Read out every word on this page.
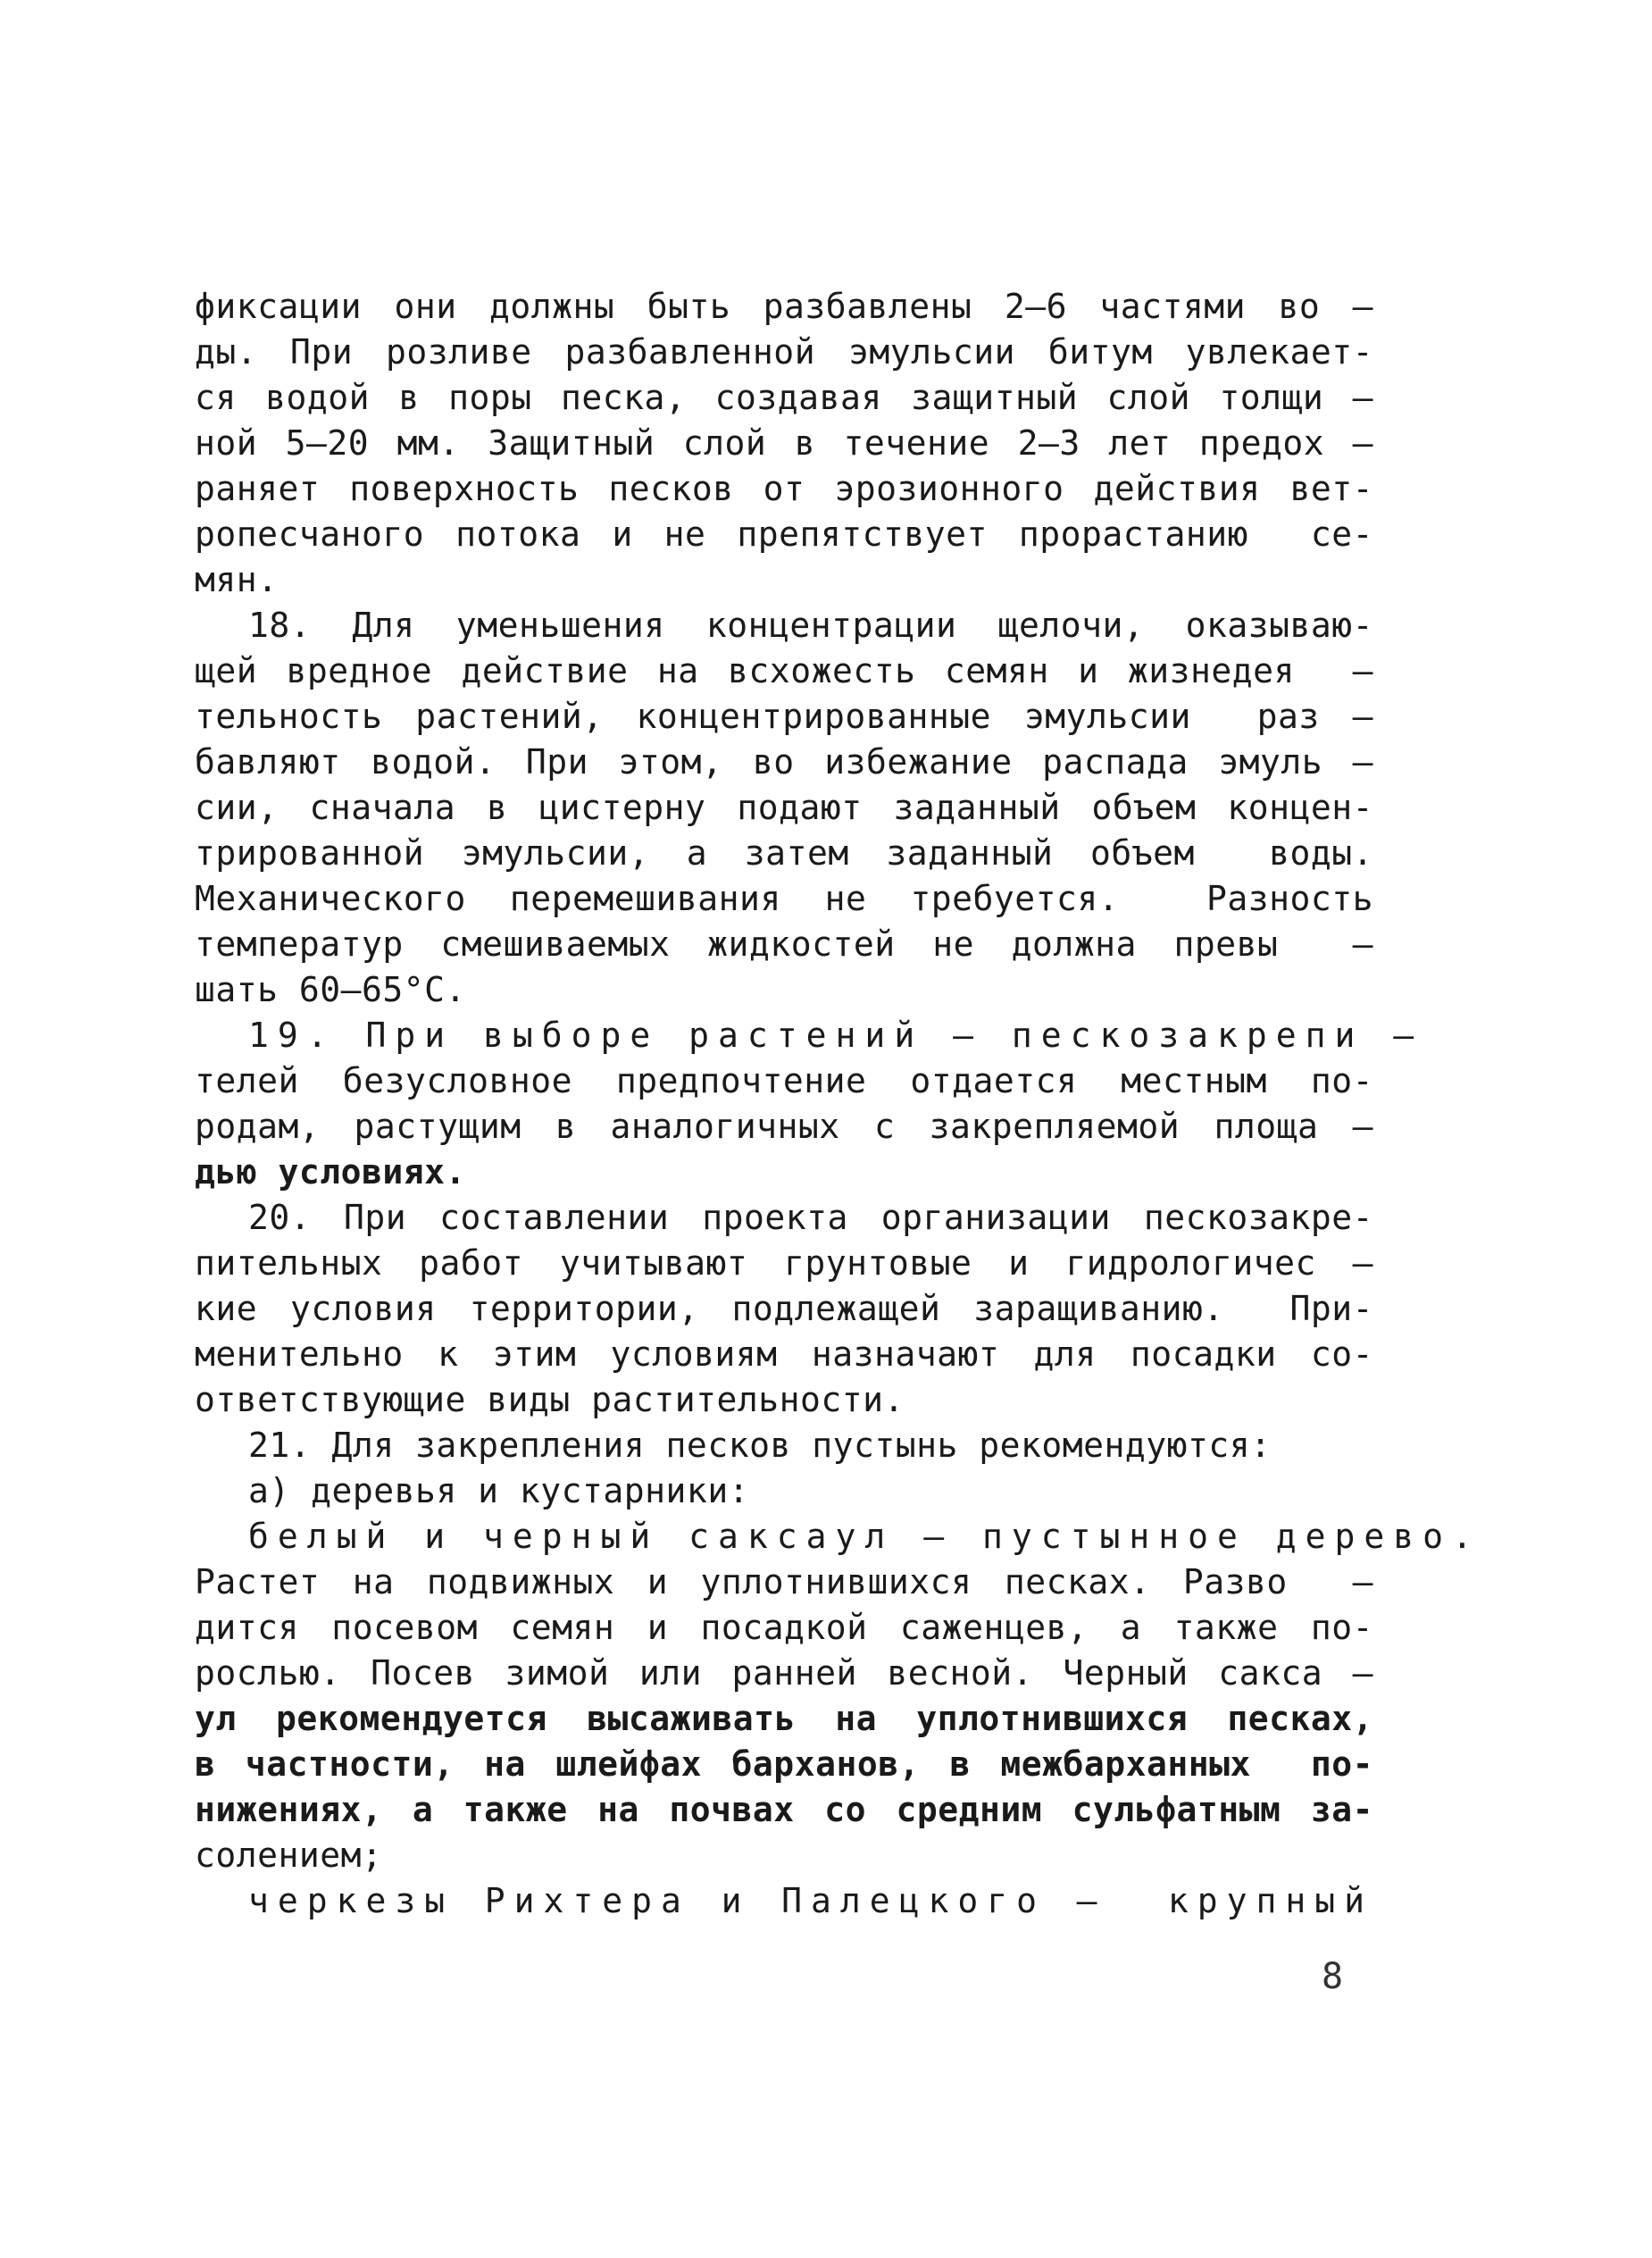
фиксации они должны быть разбавлены 2–6 частями во –
ды. При розливе разбавленной эмульсии битум увлекает-
ся водой в поры песка, создавая защитный слой толщи –
ной 5–20 мм. Защитный слой в течение 2–3 лет предох –
раняет поверхность песков от эрозионного действия вет-
ропесчаного потока и не препятствует прорастанию  се-
мян.
18. Для уменьшения концентрации щелочи, оказываю-
щей вредное действие на всхожесть семян и жизнедея  –
тельность растений, концентрированные эмульсии  раз –
бавляют водой. При этом, во избежание распада эмуль –
сии, сначала в цистерну подают заданный объем концен-
трированной эмульсии, а затем заданный объем  воды.
Механического перемешивания не требуется.  Разность
температур смешиваемых жидкостей не должна превы  –
шать 60–65°С.
19. При выборе растений – пескозакрепи –
телей безусловное предпочтение отдается местным по-
родам, растущим в аналогичных с закрепляемой площа –
дью условиях.
20. При составлении проекта организации пескозакре-
пительных работ учитывают грунтовые и гидрологичес –
кие условия территории, подлежащей заращиванию.  При-
менительно к этим условиям назначают для посадки со-
ответствующие виды растительности.
21. Для закрепления песков пустынь рекомендуются:
а) деревья и кустарники:
белый и черный саксаул – пустынное дерево.
Растет на подвижных и уплотнившихся песках. Разво  –
дится посевом семян и посадкой саженцев, а также по-
рослью. Посев зимой или ранней весной. Черный сакса –
ул рекомендуется высаживать на уплотнившихся песках,
в частности, на шлейфах барханов, в межбарханных  по-
нижениях, а также на почвах со средним сульфатным за-
солением;
черкезы Рихтера и Палецкого –  крупный
8
